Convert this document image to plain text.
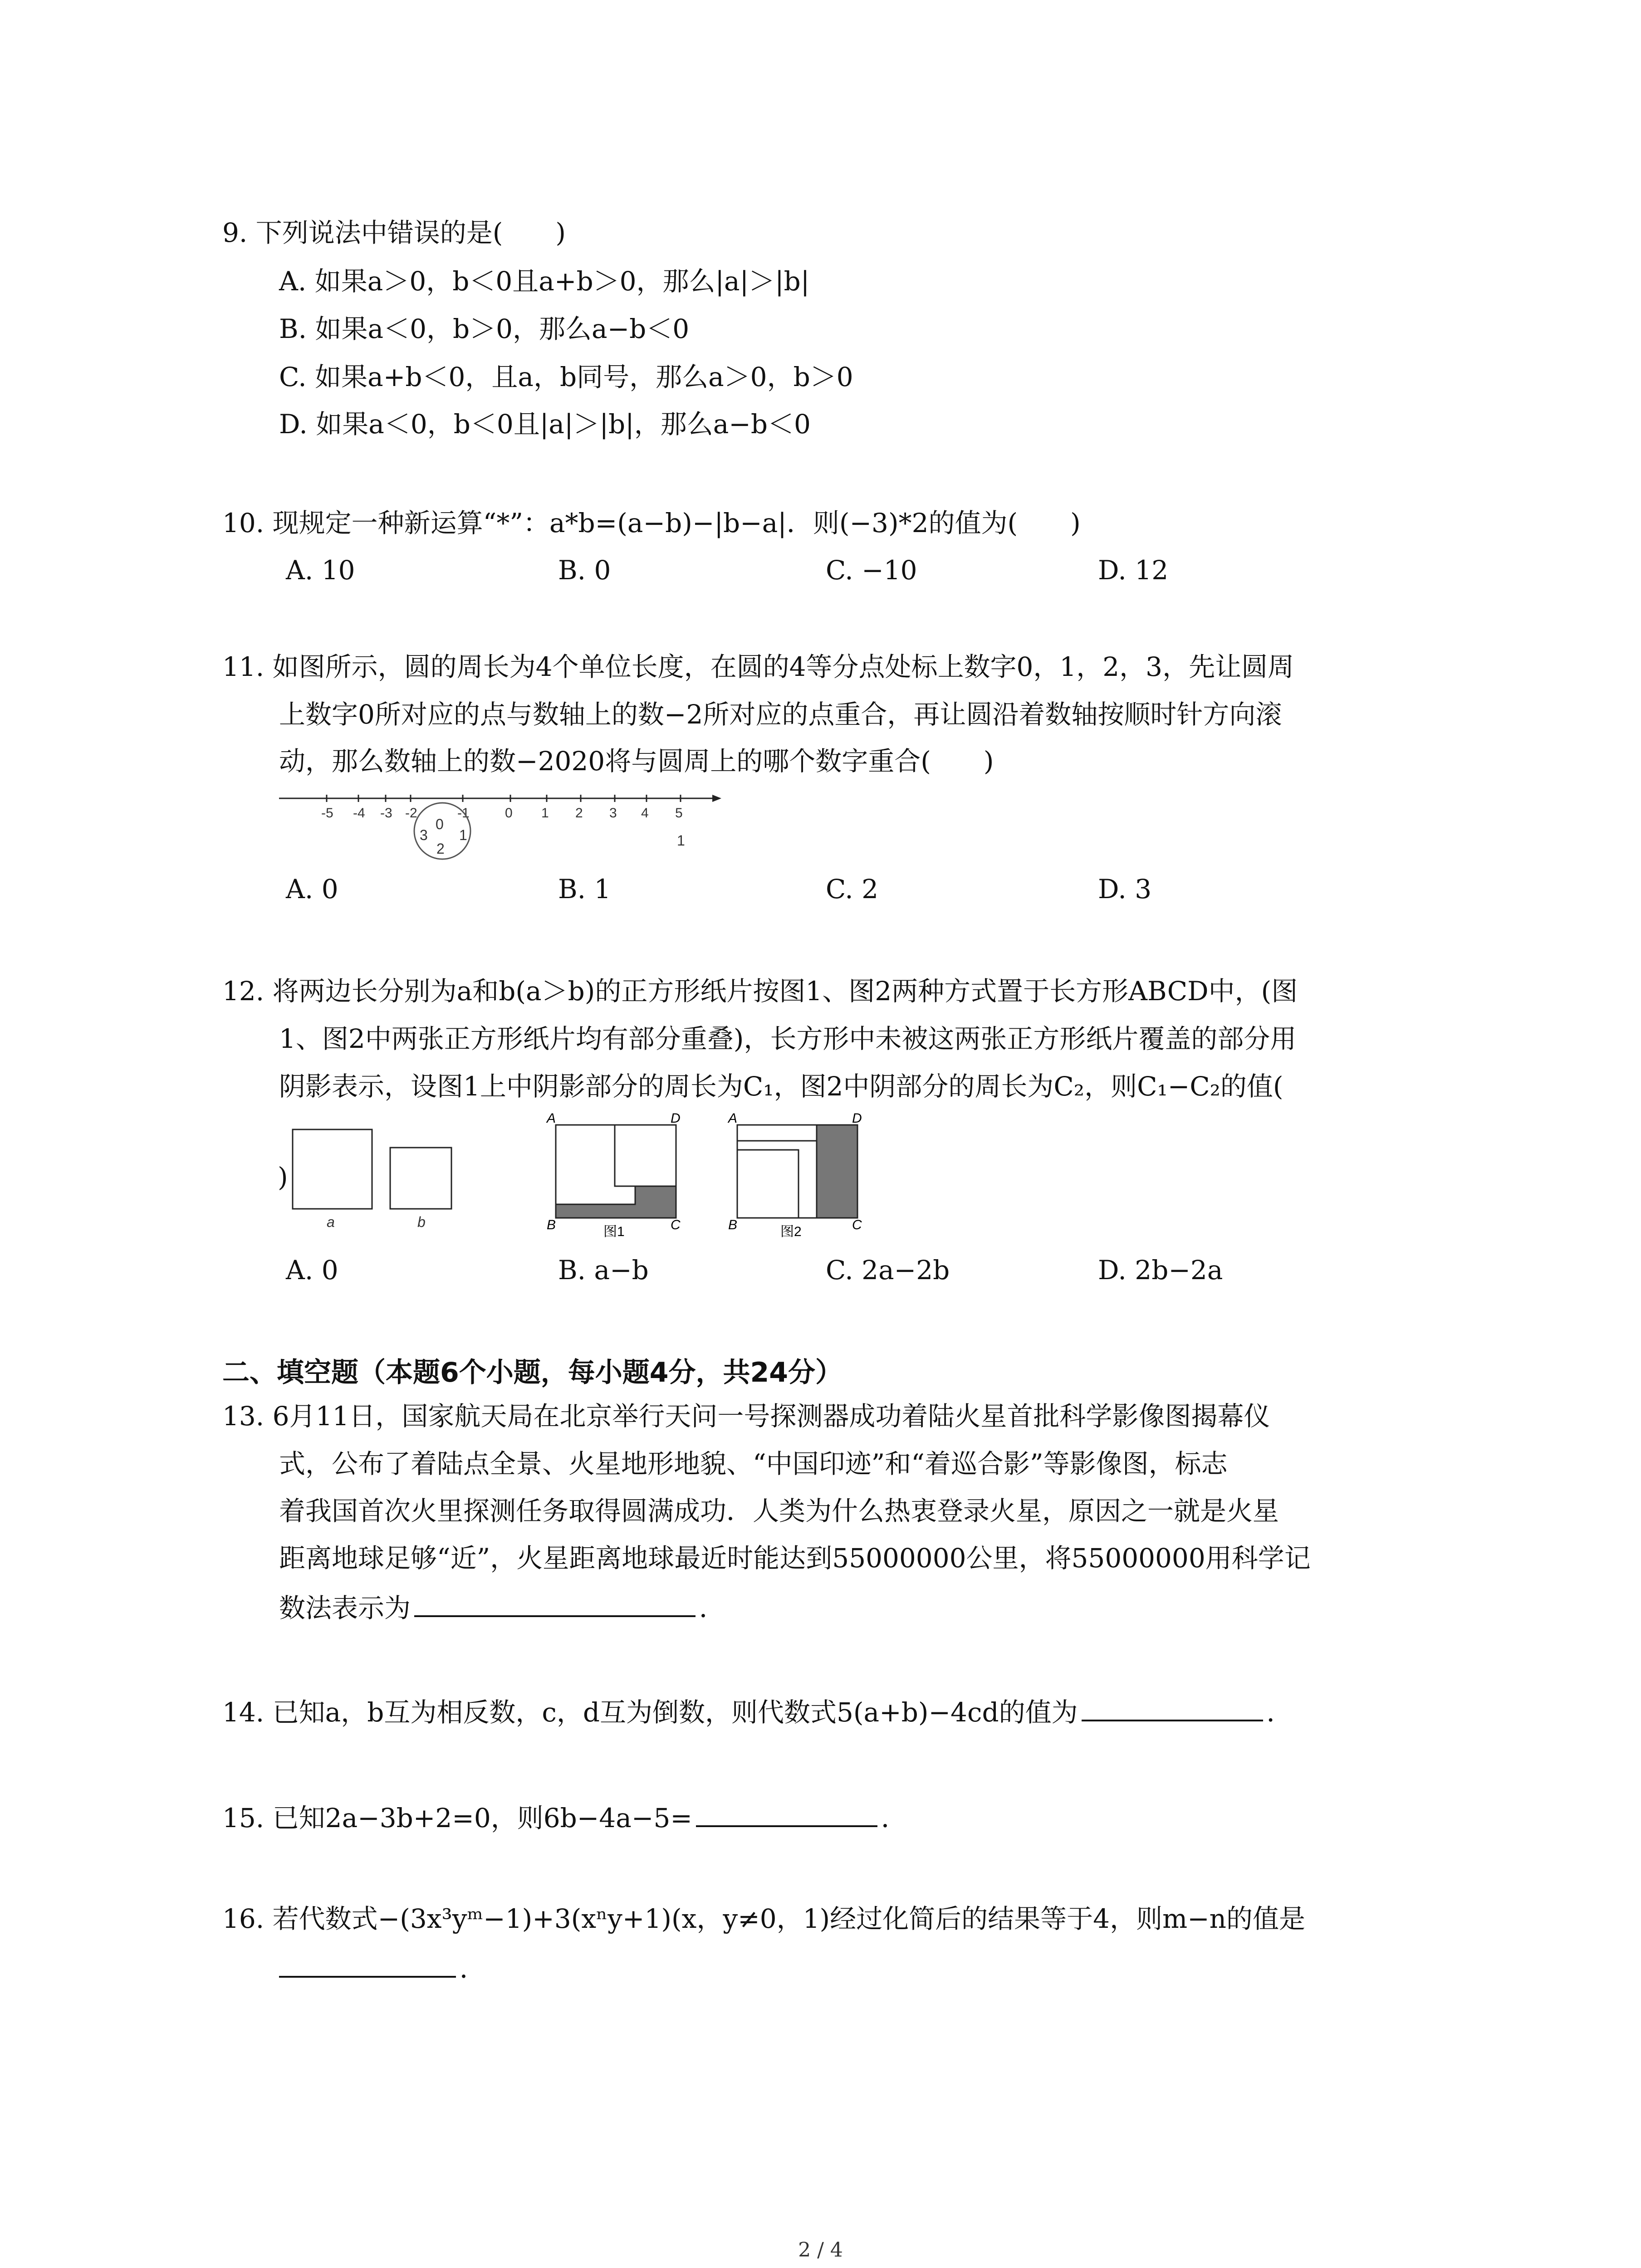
9. 下列说法中错误的是(　　)
A. 如果a＞0，b＜0且a+b＞0，那么|a|＞|b|
B. 如果a＜0，b＞0，那么a−b＜0
C. 如果a+b＜0，且a，b同号，那么a＞0，b＞0
D. 如果a＜0，b＜0且|a|＞|b|，那么a−b＜0
10. 现规定一种新运算“*”：a*b=(a−b)−|b−a|．则(−3)*2的值为(　　)
A. 10	B. 0	C. −10	D. 12
11. 如图所示，圆的周长为4个单位长度，在圆的4等分点处标上数字0，1，2，3，先让圆周
上数字0所对应的点与数轴上的数−2所对应的点重合，再让圆沿着数轴按顺时针方向滚
动，那么数轴上的数−2020将与圆周上的哪个数字重合(　　)
-5 -4 -3 -2	-1	0 1 2 3 4 5
0
1
2
3	1
A. 0	B. 1	C. 2	D. 3
12. 将两边长分别为a和b(a＞b)的正方形纸片按图1、图2两种方式置于长方形ABCD中，(图
1、图2中两张正方形纸片均有部分重叠)，长方形中未被这两张正方形纸片覆盖的部分用
阴影表示，设图1上中阴影部分的周长为C₁，图2中阴部分的周长为C₂，则C₁−C₂的值(
)
a	b
A	D
B	C
图1
A	D
B	C
图2
A. 0	B. a−b	C. 2a−2b	D. 2b−2a
二、填空题（本题6个小题，每小题4分，共24分）
13. 6月11日，国家航天局在北京举行天问一号探测器成功着陆火星首批科学影像图揭幕仪
式，公布了着陆点全景、火星地形地貌、“中国印迹”和“着巡合影”等影像图，标志
着我国首次火里探测任务取得圆满成功．人类为什么热衷登录火星，原因之一就是火星
距离地球足够“近”，火星距离地球最近时能达到55000000公里，将55000000用科学记
数法表示为	．
14. 已知a，b互为相反数，c，d互为倒数，则代数式5(a+b)−4cd的值为	．
15. 已知2a−3b+2=0，则6b−4a−5=	．
16. 若代数式−(3x³yᵐ−1)+3(xⁿy+1)(x，y≠0，1)经过化简后的结果等于4，则m−n的值是
．
2 / 4
